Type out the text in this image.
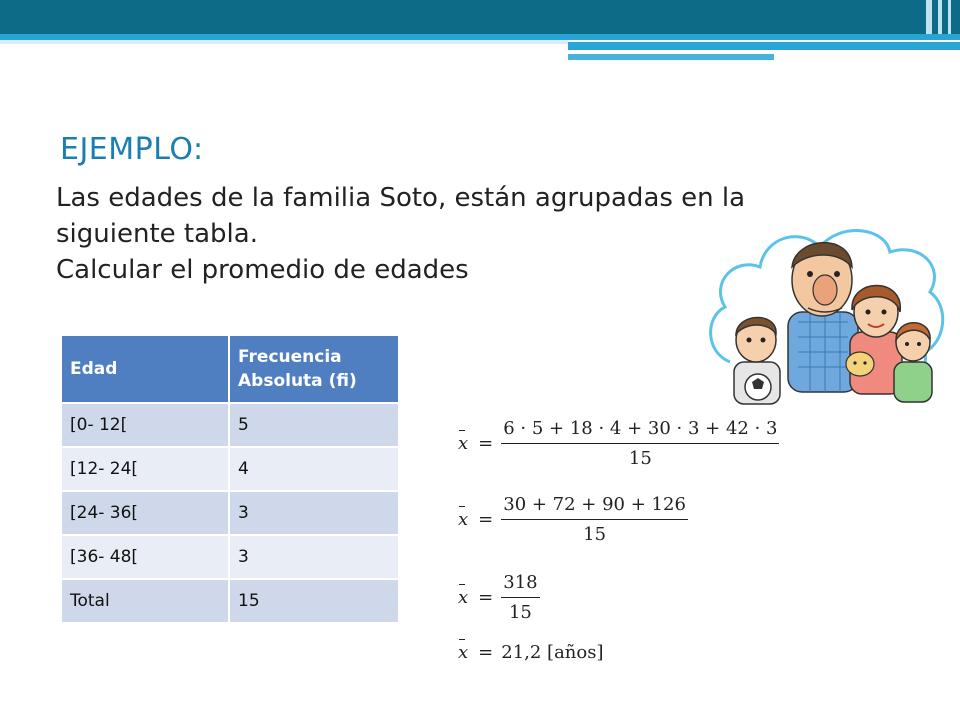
EJEMPLO:
Las edades de la familia Soto, están agrupadas en la
siguiente tabla.
Calcular el promedio de edades
Edad	Frecuencia Absoluta (fi)
[0- 12[	5
[12- 24[	4
[24- 36[	3
[36- 48[	3
Total	15
$x = \frac{6 \cdot 5 + 18 \cdot 4 + 30 \cdot 3 + 42 \cdot 3}{15}$
$x = \frac{30 + 72 + 90 + 126}{15}$
$x = \frac{318}{15}$
x = 21,2 [años]
